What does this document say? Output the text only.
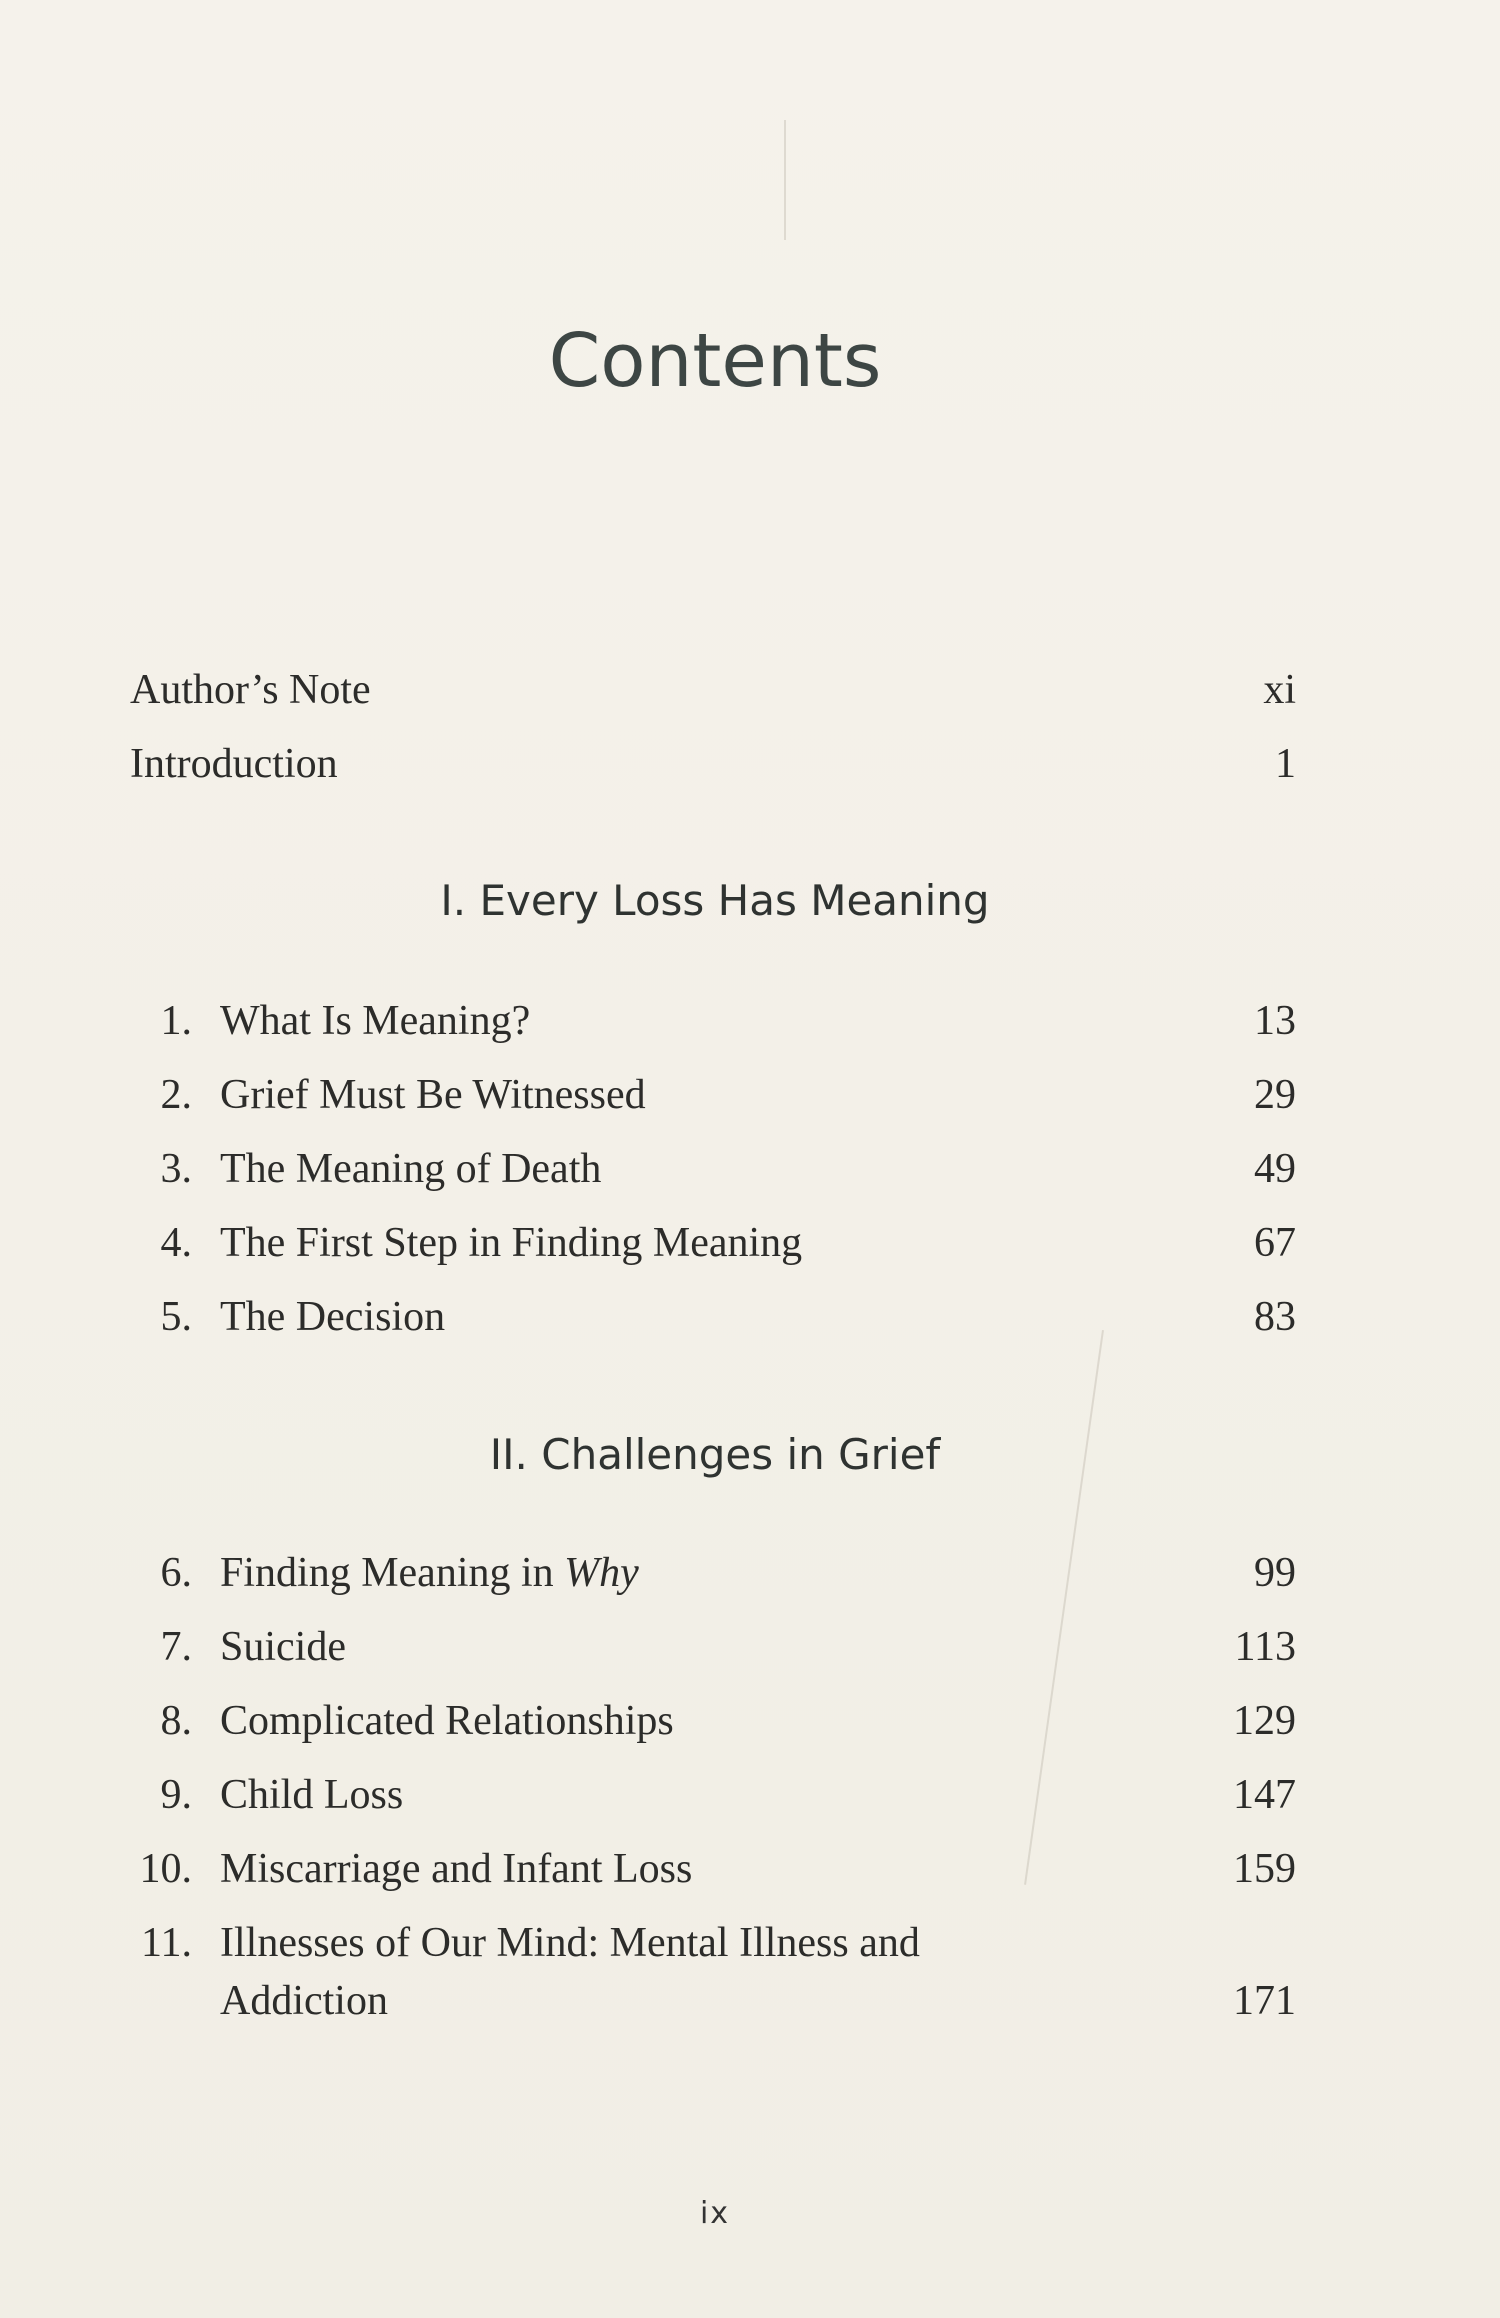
Contents
Author’s Note	xi
Introduction	1
I. Every Loss Has Meaning
1. What Is Meaning?	13
2. Grief Must Be Witnessed	29
3. The Meaning of Death	49
4. The First Step in Finding Meaning	67
5. The Decision	83
II. Challenges in Grief
6. Finding Meaning in Why	99
7. Suicide	113
8. Complicated Relationships	129
9. Child Loss	147
10. Miscarriage and Infant Loss	159
11. Illnesses of Our Mind: Mental Illness and
Addiction	171
ix
